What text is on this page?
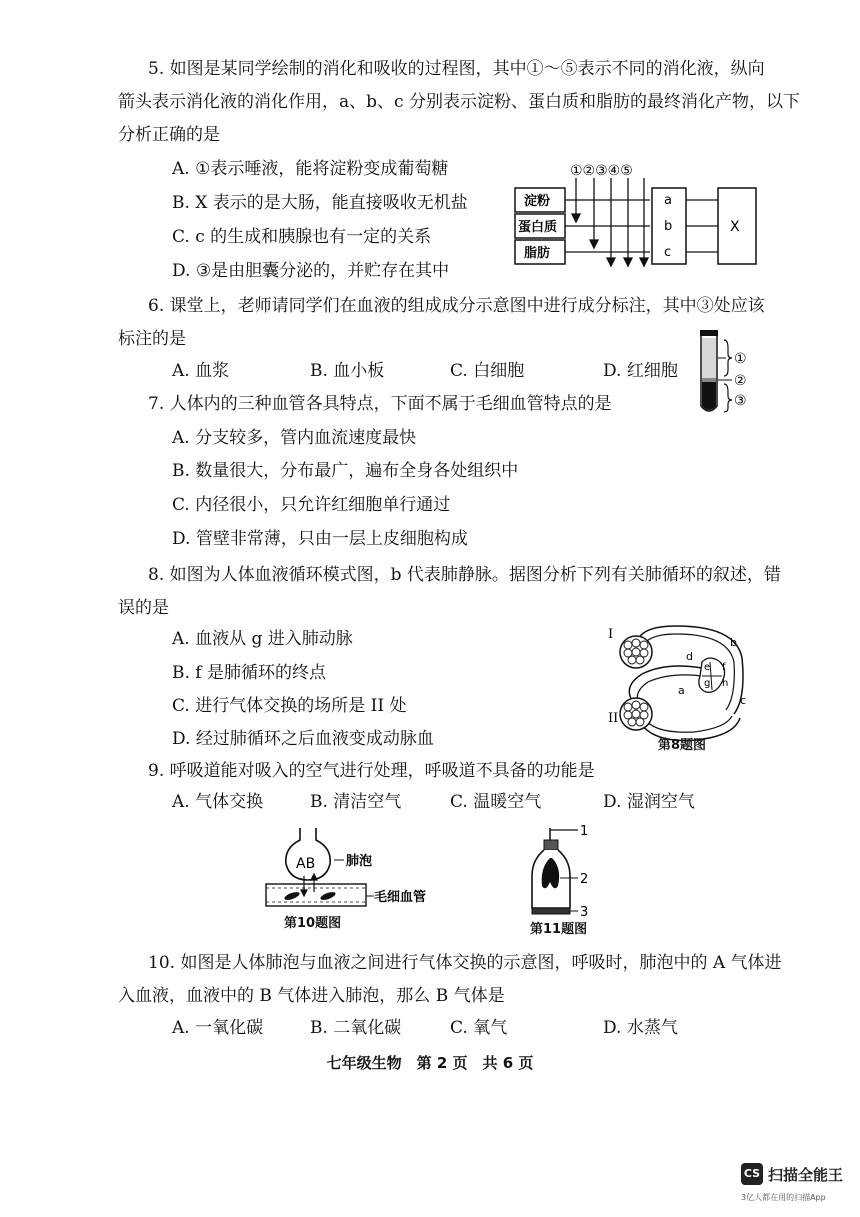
5. 如图是某同学绘制的消化和吸收的过程图，其中①～⑤表示不同的消化液，纵向
箭头表示消化液的消化作用，a、b、c 分别表示淀粉、蛋白质和脂肪的最终消化产物，以下
分析正确的是
A. ①表示唾液，能将淀粉变成葡萄糖
B. X 表示的是大肠，能直接吸收无机盐
C. c 的生成和胰腺也有一定的关系
D. ③是由胆囊分泌的，并贮存在其中
①②③④⑤
淀粉
蛋白质
脂肪
a
b
c
X
6. 课堂上，老师请同学们在血液的组成成分示意图中进行成分标注，其中③处应该
标注的是
A. 血浆	B. 血小板	C. 白细胞	D. 红细胞
①
②
③
7. 人体内的三种血管各具特点，下面不属于毛细血管特点的是
A. 分支较多，管内血流速度最快
B. 数量很大，分布最广，遍布全身各处组织中
C. 内径很小，只允许红细胞单行通过
D. 管壁非常薄，只由一层上皮细胞构成
8. 如图为人体血液循环模式图，b 代表肺静脉。据图分析下列有关肺循环的叙述，错
误的是
A. 血液从 g 进入肺动脉
B. f 是肺循环的终点
C. 进行气体交换的场所是 II 处
D. 经过肺循环之后血液变成动脉血
I
II
a
b
c
d
e f
g h
第8题图
9. 呼吸道能对吸入的空气进行处理，呼吸道不具备的功能是
A. 气体交换	B. 清洁空气	C. 温暖空气	D. 湿润空气
AB 肺泡
毛细血管
第10题图
1
2
3
第11题图
10. 如图是人体肺泡与血液之间进行气体交换的示意图，呼吸时，肺泡中的 A 气体进
入血液，血液中的 B 气体进入肺泡，那么 B 气体是
A. 一氧化碳	B. 二氧化碳	C. 氧气	D. 水蒸气
七年级生物　第 2 页　共 6 页
CS 扫描全能王
3亿人都在用的扫描App
